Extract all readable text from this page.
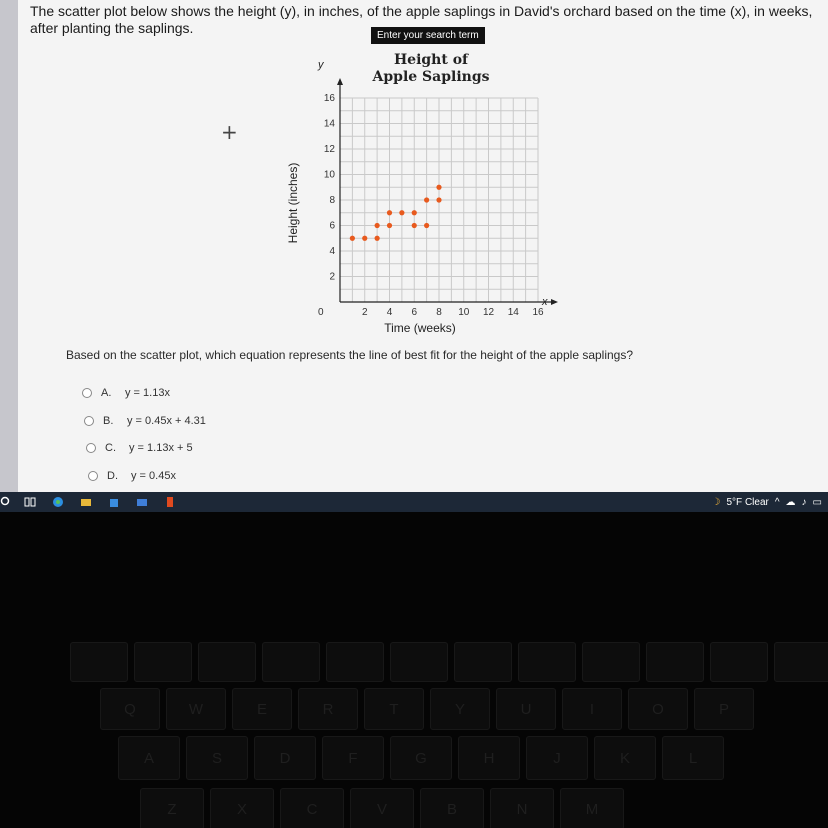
The scatter plot below shows the height (y), in inches, of the apple saplings in David's orchard based on the time (x), in weeks, after planting the saplings.	Enter your search term
+
2 4 6 8 10 12 14 16
2
4
6
8
10
12
14
16
Height of
Apple Saplings
Time (weeks)
Height (inches)
x
y
0

Based on the scatter plot, which equation represents the line of best fit for the height of the apple saplings?

A.	y = 1.13x
B.	y = 0.45x + 4.31
C.	y = 1.13x + 5
D.	y = 0.45x
☽ 5°F Clear ^ ☁ ♪ ▭
Q	W	E	R	T	Y	U	I	O	P
A	S	D	F	G	H	J	K	L
Z	X	C	V	B	N	M
